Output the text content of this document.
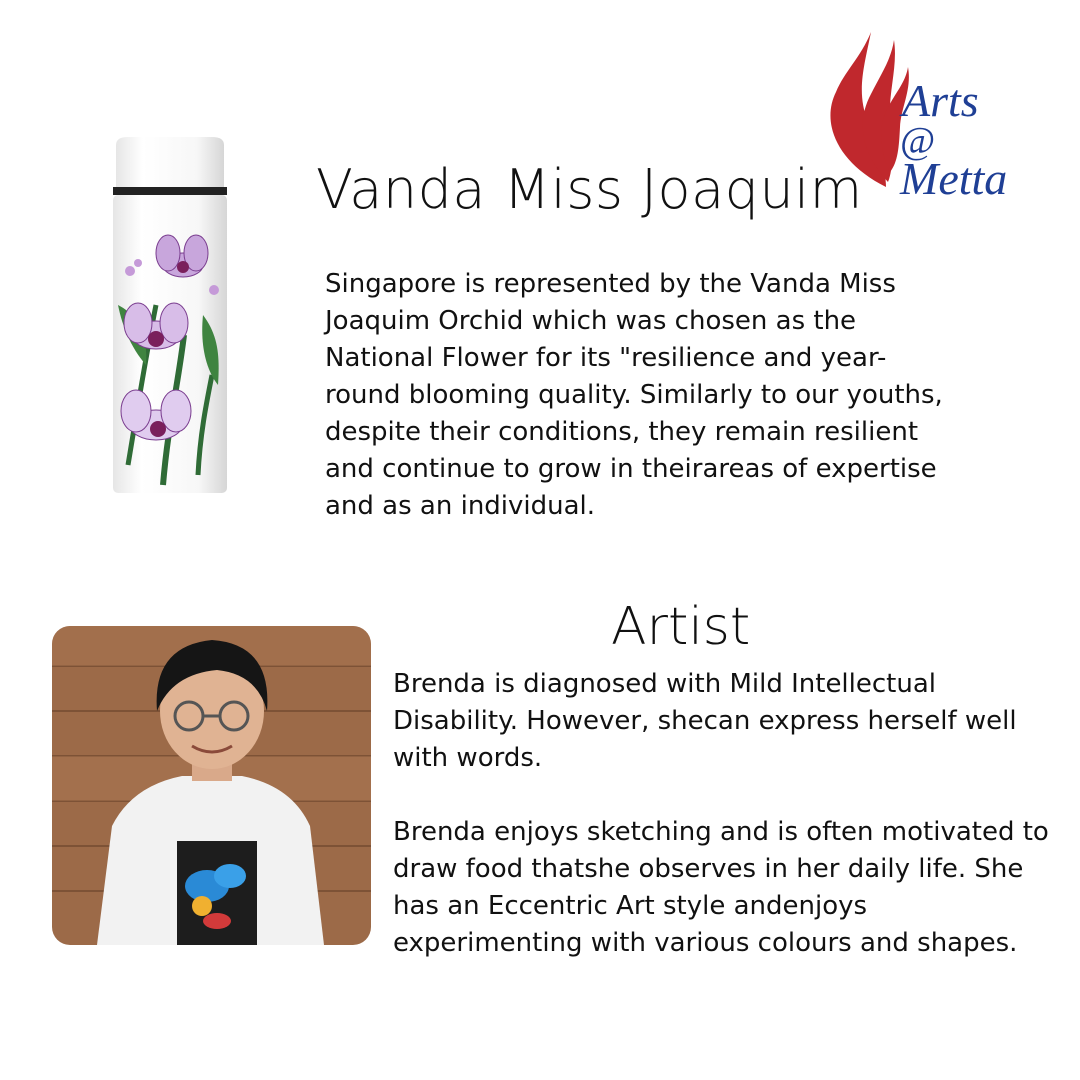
Arts
@
Metta
Vanda Miss Joaquim

Singapore is represented by the Vanda Miss Joaquim Orchid which was chosen as the National Flower for its "resilience and year-round blooming quality. Similarly to our youths, despite their conditions, they remain resilient and continue to grow in theirareas of expertise and as an individual.

Artist

Brenda is diagnosed with Mild Intellectual Disability. However, shecan express herself well with words.

Brenda enjoys sketching and is often motivated to draw food thatshe observes in her daily life. She has an Eccentric Art style andenjoys experimenting with various colours and shapes.
